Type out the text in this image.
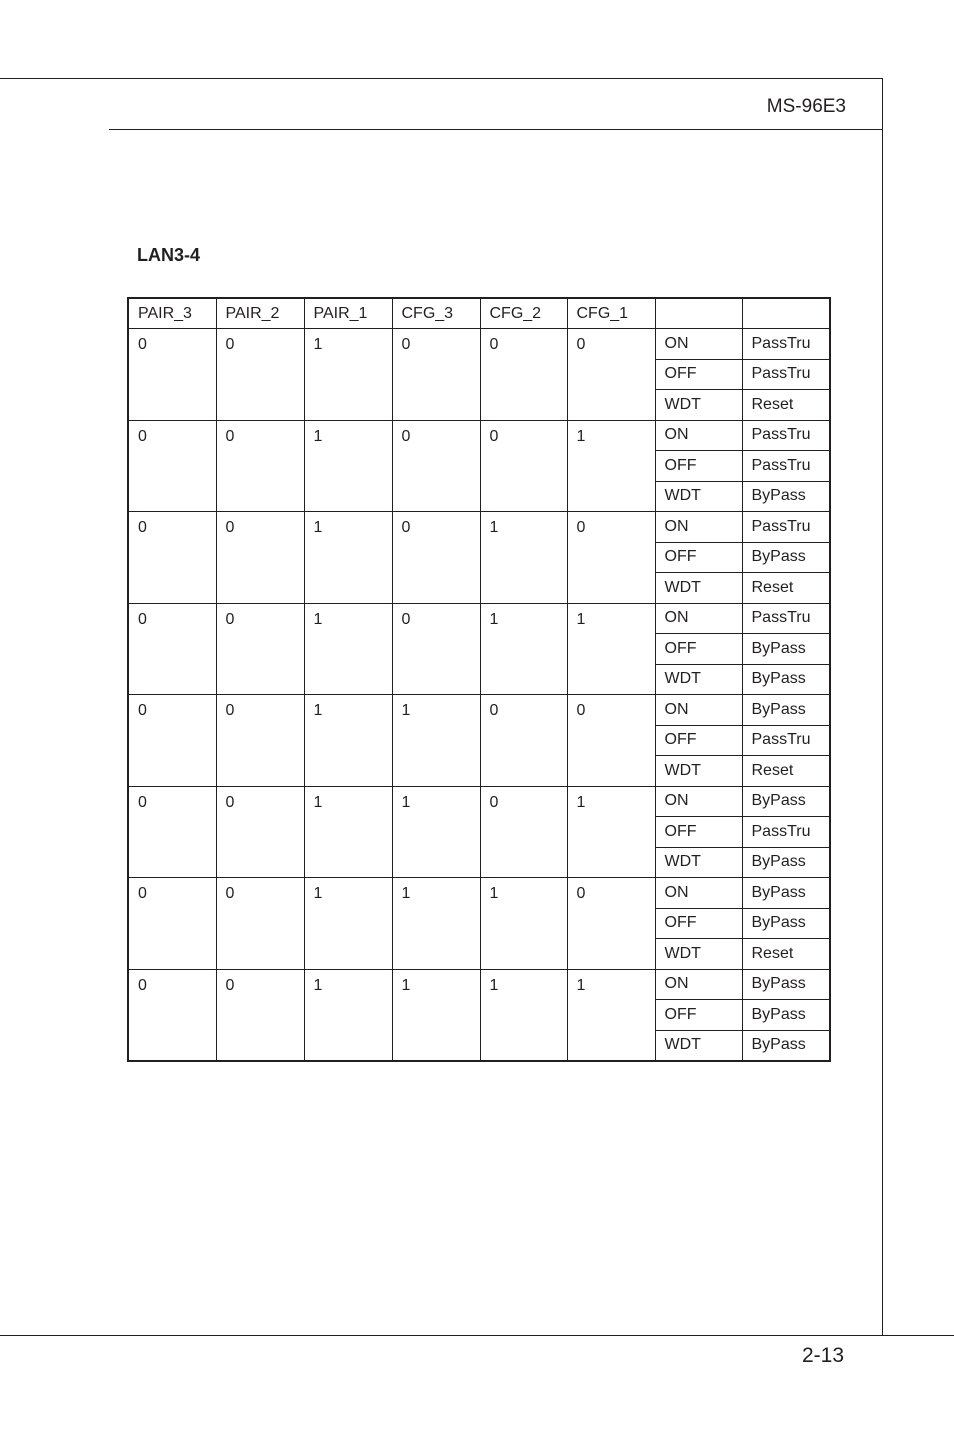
MS-96E3
LAN3-4
PAIR_3	PAIR_2	PAIR_1	CFG_3	CFG_2	CFG_1		
0	0	1	0	0	0	ON	PassTru
						OFF	PassTru
						WDT	Reset
0	0	1	0	0	1	ON	PassTru
						OFF	PassTru
						WDT	ByPass
0	0	1	0	1	0	ON	PassTru
						OFF	ByPass
						WDT	Reset
0	0	1	0	1	1	ON	PassTru
						OFF	ByPass
						WDT	ByPass
0	0	1	1	0	0	ON	ByPass
						OFF	PassTru
						WDT	Reset
0	0	1	1	0	1	ON	ByPass
						OFF	PassTru
						WDT	ByPass
0	0	1	1	1	0	ON	ByPass
						OFF	ByPass
						WDT	Reset
0	0	1	1	1	1	ON	ByPass
						OFF	ByPass
						WDT	ByPass
2-13
